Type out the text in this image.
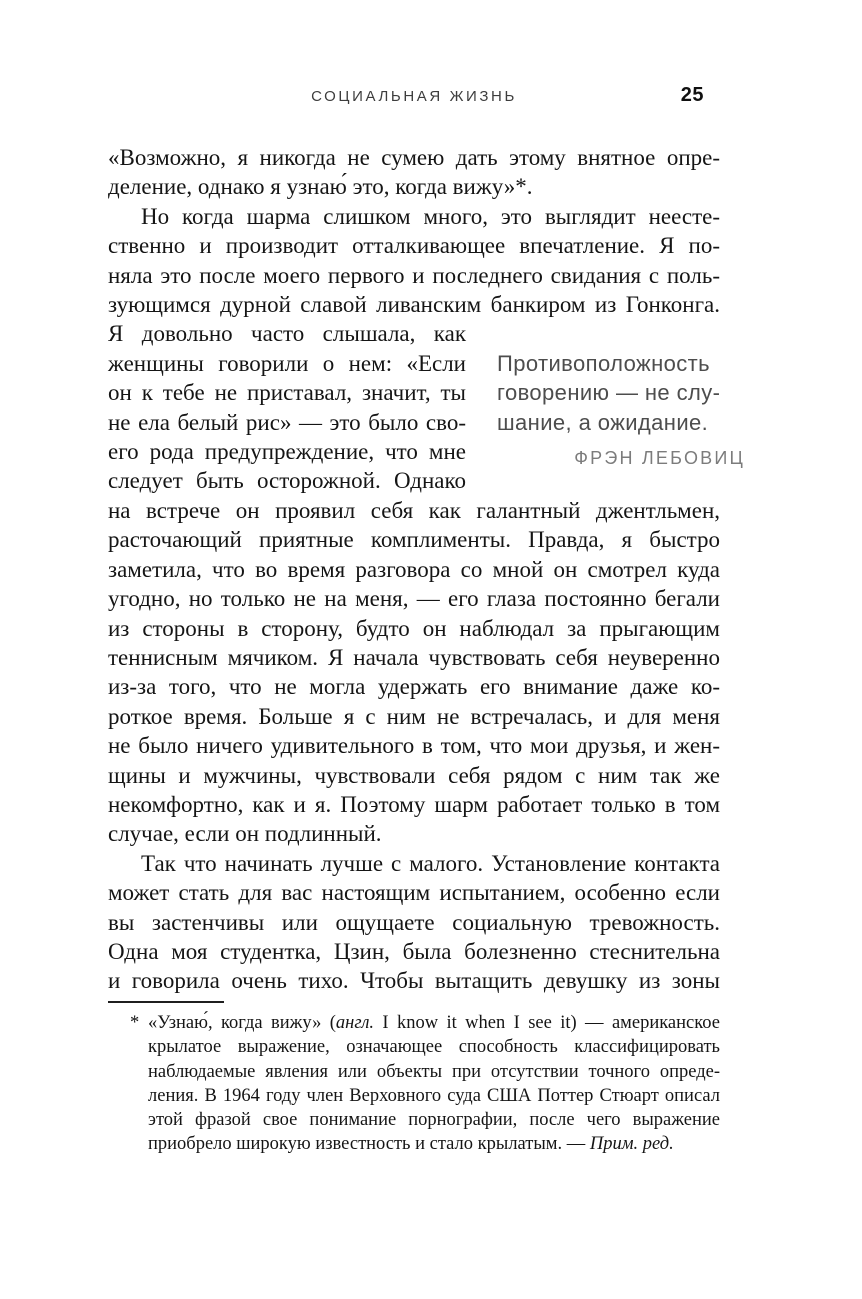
СОЦИАЛЬНАЯ ЖИЗНЬ	25
Противоположность
говорению — не слу-
шание, а ожидание.
ФРЭН ЛЕБОВИЦ
«Возможно, я никогда не сумею дать этому внятное опре-
деление, однако я узнаю́ это, когда вижу»*.
Но когда шарма слишком много, это выглядит неесте-
ственно и производит отталкивающее впечатление. Я по-
няла это после моего первого и последнего свидания с поль-
зующимся дурной славой ливанским банкиром из Гонконга.
Я довольно часто слышала, как
женщины говорили о нем: «Если
он к тебе не приставал, значит, ты
не ела белый рис» — это было сво-
его рода предупреждение, что мне
следует быть осторожной. Однако
на встрече он проявил себя как галантный джентльмен,
расточающий приятные комплименты. Правда, я быстро
заметила, что во время разговора со мной он смотрел куда
угодно, но только не на меня, — его глаза постоянно бегали
из стороны в сторону, будто он наблюдал за прыгающим
теннисным мячиком. Я начала чувствовать себя неуверенно
из-за того, что не могла удержать его внимание даже ко-
роткое время. Больше я с ним не встречалась, и для меня
не было ничего удивительного в том, что мои друзья, и жен-
щины и мужчины, чувствовали себя рядом с ним так же
некомфортно, как и я. Поэтому шарм работает только в том
случае, если он подлинный.
Так что начинать лучше с малого. Установление контакта
может стать для вас настоящим испытанием, особенно если
вы застенчивы или ощущаете социальную тревожность.
Одна моя студентка, Цзин, была болезненно стеснительна
и говорила очень тихо. Чтобы вытащить девушку из зоны
* «Узнаю́, когда вижу» (англ. I know it when I see it) — американское
крылатое выражение, означающее способность классифицировать
наблюдаемые явления или объекты при отсутствии точного опреде-
ления. В 1964 году член Верховного суда США Поттер Стюарт описал
этой фразой свое понимание порнографии, после чего выражение
приобрело широкую известность и стало крылатым. — Прим. ред.
